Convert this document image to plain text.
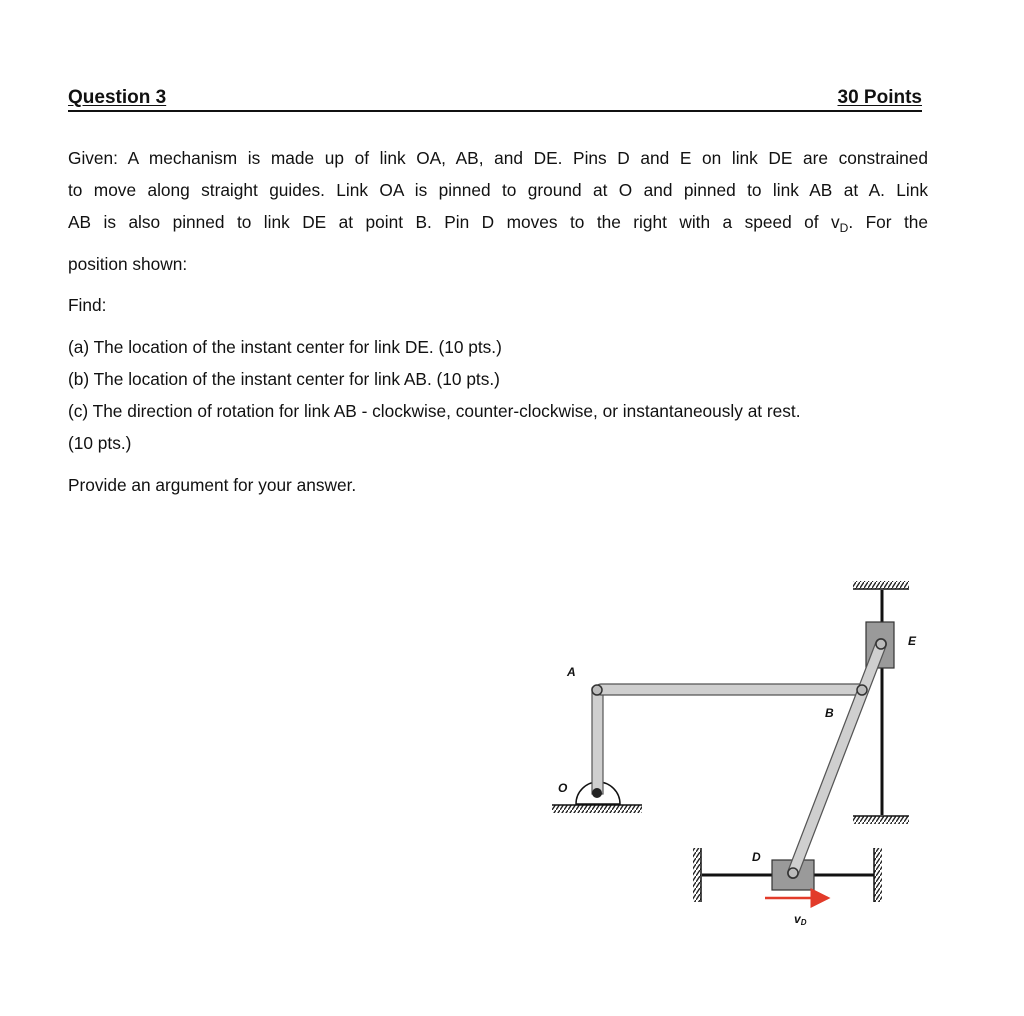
Question 3	30 Points
Given: A mechanism is made up of link OA, AB, and DE. Pins D and E on link DE are constrained
to move along straight guides. Link OA is pinned to ground at O and pinned to link AB at A. Link
AB is also pinned to link DE at point B. Pin D moves to the right with a speed of $v_D$. For the
position shown:
Find:
(a) The location of the instant center for link DE. (10 pts.)
(b) The location of the instant center for link AB. (10 pts.)
(c) The direction of rotation for link AB - clockwise, counter-clockwise, or instantaneously at rest.
(10 pts.)
Provide an argument for your answer.
A
O
B
E
D
vD
